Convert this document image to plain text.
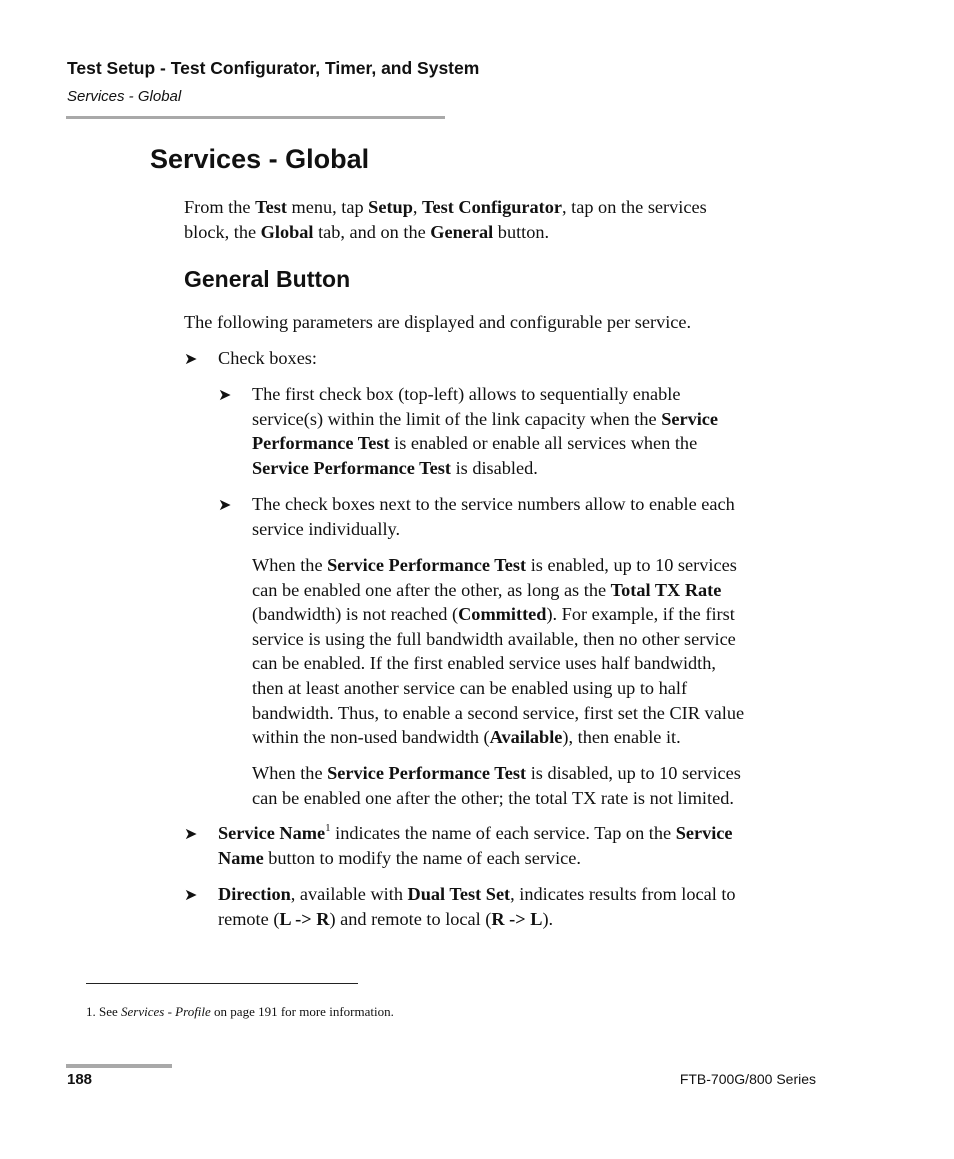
Test Setup - Test Configurator, Timer, and System
Services - Global
Services - Global
From the Test menu, tap Setup, Test Configurator, tap on the services
block, the Global tab, and on the General button.
General Button
The following parameters are displayed and configurable per service.
➤ Check boxes:
➤ The first check box (top-left) allows to sequentially enable
service(s) within the limit of the link capacity when the Service
Performance Test is enabled or enable all services when the
Service Performance Test is disabled.
➤ The check boxes next to the service numbers allow to enable each
service individually.
When the Service Performance Test is enabled, up to 10 services
can be enabled one after the other, as long as the Total TX Rate
(bandwidth) is not reached (Committed). For example, if the first
service is using the full bandwidth available, then no other service
can be enabled. If the first enabled service uses half bandwidth,
then at least another service can be enabled using up to half
bandwidth. Thus, to enable a second service, first set the CIR value
within the non-used bandwidth (Available), then enable it.
When the Service Performance Test is disabled, up to 10 services
can be enabled one after the other; the total TX rate is not limited.
➤ Service Name$^1$ indicates the name of each service. Tap on the Service
Name button to modify the name of each service.
➤ Direction, available with Dual Test Set, indicates results from local to
remote (L -> R) and remote to local (R -> L).
1. See Services - Profile on page 191 for more information.
188	FTB-700G/800 Series
